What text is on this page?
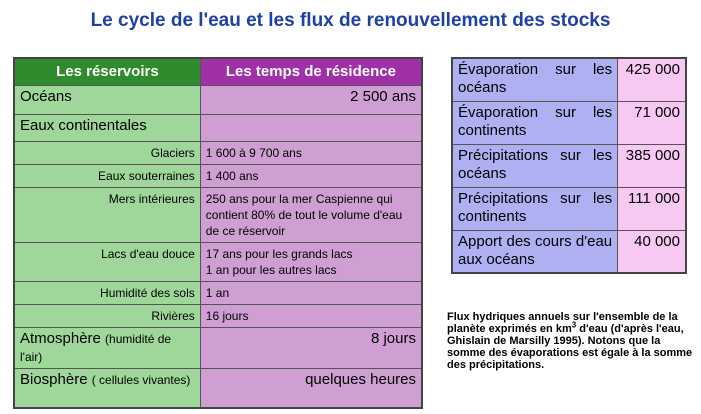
Le cycle de l'eau et les flux de renouvellement des stocks
Les réservoirs	Les temps de résidence
Océans	2 500 ans
Eaux continentales	
Glaciers	1 600 à 9 700 ans
Eaux souterraines	1 400 ans
Mers intérieures	250 ans pour la mer Caspienne qui contient 80% de tout le volume d'eau de ce réservoir
Lacs d'eau douce	17 ans pour les grands lacs
1 an pour les autres lacs

Humidité des sols	1 an
Rivières	16 jours
Atmosphère (humidité de l'air)	8 jours
Biosphère ( cellules vivantes)	quelques heures
Évaporation sur les océans	425 000
Évaporation sur les continents	71 000
Précipitations sur les océans	385 000
Précipitations sur les continents	111 000
Apport des cours d'eau aux océans	40 000
Flux hydriques annuels sur l'ensemble de la planète exprimés en $km^3$ d'eau (d'après l'eau, Ghislain de Marsilly 1995). Notons que la somme des évaporations est égale à la somme des précipitations.
